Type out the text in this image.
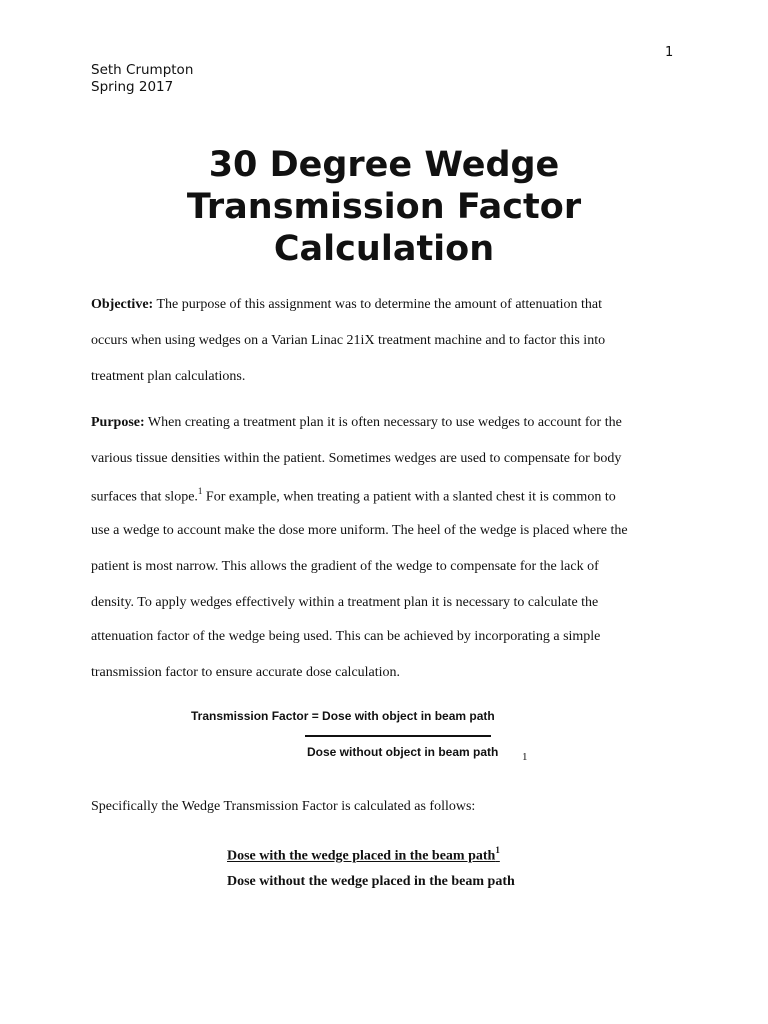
1
Seth Crumpton
Spring 2017
30 Degree Wedge
Transmission Factor
Calculation
Objective: The purpose of this assignment was to determine the amount of attenuation that
occurs when using wedges on a Varian Linac 21iX treatment machine and to factor this into
treatment plan calculations.
Purpose: When creating a treatment plan it is often necessary to use wedges to account for the
various tissue densities within the patient. Sometimes wedges are used to compensate for body
surfaces that slope.$^1$ For example, when treating a patient with a slanted chest it is common to
use a wedge to account make the dose more uniform. The heel of the wedge is placed where the
patient is most narrow. This allows the gradient of the wedge to compensate for the lack of
density. To apply wedges effectively within a treatment plan it is necessary to calculate the
attenuation factor of the wedge being used. This can be achieved by incorporating a simple
transmission factor to ensure accurate dose calculation.
Transmission Factor = Dose with object in beam path
Dose without object in beam path 1
Specifically the Wedge Transmission Factor is calculated as follows:
Dose with the wedge placed in the beam path$^1$
Dose without the wedge placed in the beam path
